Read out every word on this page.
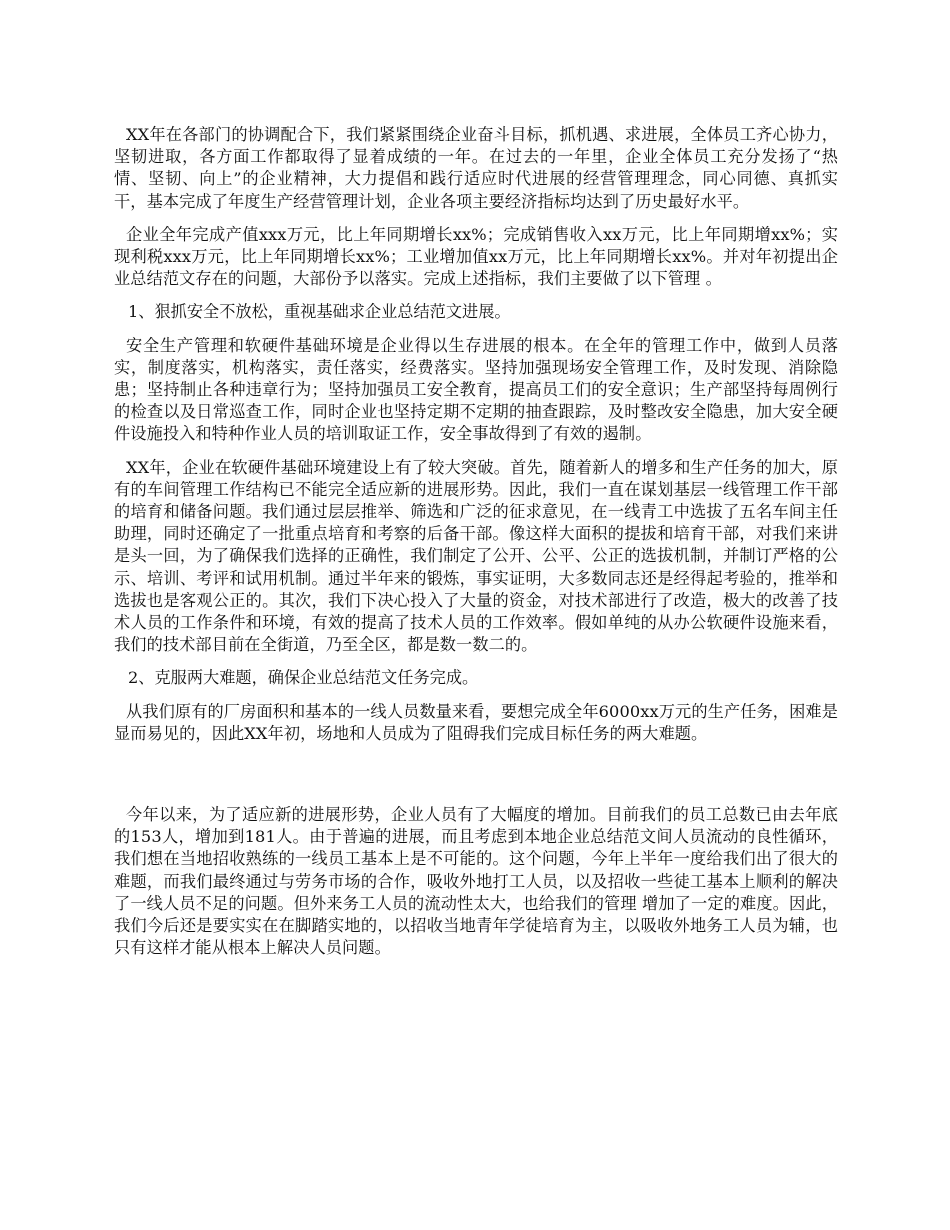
XX年在各部门的协调配合下，我们紧紧围绕企业奋斗目标，抓机遇、求进展，全体员工齐心协力，坚韧进取，各方面工作都取得了显着成绩的一年。在过去的一年里，企业全体员工充分发扬了“热情、坚韧、向上”的企业精神，大力提倡和践行适应时代进展的经营管理理念，同心同德、真抓实干，基本完成了年度生产经营管理计划，企业各项主要经济指标均达到了历史最好水平。

企业全年完成产值xxx万元，比上年同期增长xx%；完成销售收入xx万元，比上年同期增xx%；实现利税xxx万元，比上年同期增长xx%；工业增加值xx万元，比上年同期增长xx%。并对年初提出企业总结范文存在的问题，大部份予以落实。完成上述指标，我们主要做了以下管理 。

1、狠抓安全不放松，重视基础求企业总结范文进展。

安全生产管理和软硬件基础环境是企业得以生存进展的根本。在全年的管理工作中，做到人员落实，制度落实，机构落实，责任落实，经费落实。坚持加强现场安全管理工作，及时发现、消除隐患；坚持制止各种违章行为；坚持加强员工安全教育，提高员工们的安全意识；生产部坚持每周例行的检查以及日常巡查工作，同时企业也坚持定期不定期的抽查跟踪，及时整改安全隐患，加大安全硬件设施投入和特种作业人员的培训取证工作，安全事故得到了有效的遏制。

XX年，企业在软硬件基础环境建设上有了较大突破。首先，随着新人的增多和生产任务的加大，原有的车间管理工作结构已不能完全适应新的进展形势。因此，我们一直在谋划基层一线管理工作干部的培育和储备问题。我们通过层层推举、筛选和广泛的征求意见，在一线青工中选拔了五名车间主任助理，同时还确定了一批重点培育和考察的后备干部。像这样大面积的提拔和培育干部，对我们来讲是头一回，为了确保我们选择的正确性，我们制定了公开、公平、公正的选拔机制，并制订严格的公示、培训、考评和试用机制。通过半年来的锻炼，事实证明，大多数同志还是经得起考验的，推举和选拔也是客观公正的。其次，我们下决心投入了大量的资金，对技术部进行了改造，极大的改善了技术人员的工作条件和环境，有效的提高了技术人员的工作效率。假如单纯的从办公软硬件设施来看，我们的技术部目前在全街道，乃至全区，都是数一数二的。

2、克服两大难题，确保企业总结范文任务完成。

从我们原有的厂房面积和基本的一线人员数量来看，要想完成全年6000xx万元的生产任务，困难是显而易见的，因此XX年初，场地和人员成为了阻碍我们完成目标任务的两大难题。

今年以来，为了适应新的进展形势，企业人员有了大幅度的增加。目前我们的员工总数已由去年底的153人，增加到181人。由于普遍的进展，而且考虑到本地企业总结范文间人员流动的良性循环，我们想在当地招收熟练的一线员工基本上是不可能的。这个问题，今年上半年一度给我们出了很大的难题，而我们最终通过与劳务市场的合作，吸收外地打工人员，以及招收一些徒工基本上顺利的解决了一线人员不足的问题。但外来务工人员的流动性太大，也给我们的管理 增加了一定的难度。因此，我们今后还是要实实在在脚踏实地的，以招收当地青年学徒培育为主，以吸收外地务工人员为辅，也只有这样才能从根本上解决人员问题。
